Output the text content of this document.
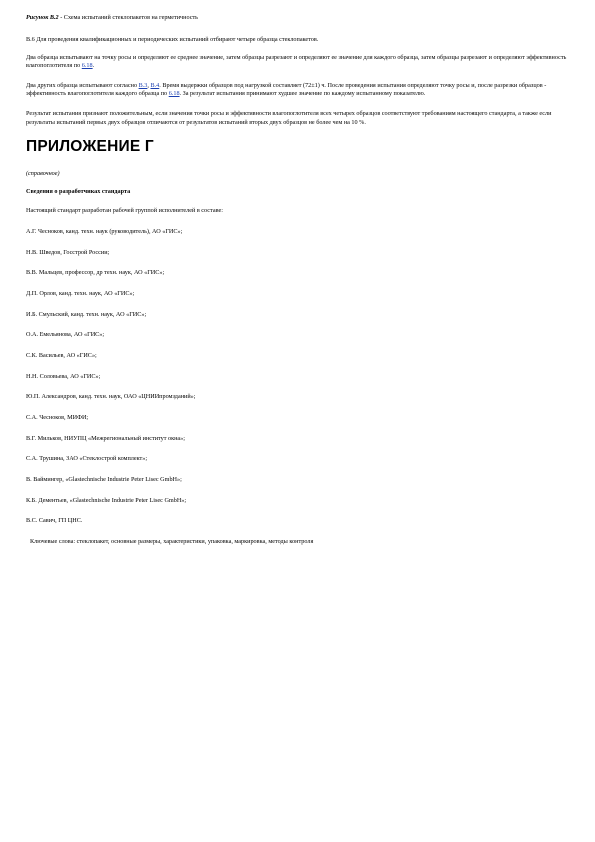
Рисунок В.2 - Схема испытаний стеклопакетов на герметичность

В.6 Для проведения квалификационных и периодических испытаний отбирают четыре образца стеклопакетов.

Два образца испытывают на точку росы и определяют ее среднее значение, затем образцы разрезают и определяют ее значение для каждого образца, затем образцы разрезают и определяют эффективность влагопоглотителя по 6.18.

Два других образца испытывают согласно В.3, В.4. Время выдержки образцов под нагрузкой составляет (72±1) ч. После проведения испытания определяют точку росы и, после разрезки образцов - эффективность влагопоглотителя каждого образца по 6.18. За результат испытания принимают худшее значение по каждому испытанному показателю.

Результат испытания признают положительным, если значения точки росы и эффективности влагопоглотителя всех четырех образцов соответствуют требованиям настоящего стандарта, а также если результаты испытаний первых двух образцов отличаются от результатов испытаний вторых двух образцов не более чем на 10 %.

ПРИЛОЖЕНИЕ Г

(справочное)

Сведения о разработчиках стандарта

Настоящий стандарт разработан рабочей группой исполнителей в составе:

А.Г. Чесноков, канд. техн. наук (руководитель), АО «ГИС»;

Н.В. Шведов, Госстрой России;

В.В. Мальцев, профессор, др техн. наук, АО «ГИС»;

Д.П. Орлов, канд. техн. наук, АО «ГИС»;

И.Б. Смульский, канд. техн. наук, АО «ГИС»;

О.А. Емельянова, АО «ГИС»;

С.К. Васильев, АО «ГИС»;

Н.Н. Соловьева, АО «ГИС»;

Ю.П. Александров, канд. техн. наук, ОАО «ЦНИИпромзданий»;

С.А. Чесноков, МИФИ;

В.Г. Мильков, НИУПЦ «Межрегиональный институт окна»;

С.А. Трушина, ЗАО «Стеклострой комплект»;

В. Ваймингер, «Glastechnische Industrie Peter Lisec GmbH»;

К.Б. Дементьев, «Glastechnische Industrie Peter Lisec GmbH»;

В.С. Савич, ГП ЦНС.

Ключевые слова: стеклопакет, основные размеры, характеристики, упаковка, маркировка, методы контроля
